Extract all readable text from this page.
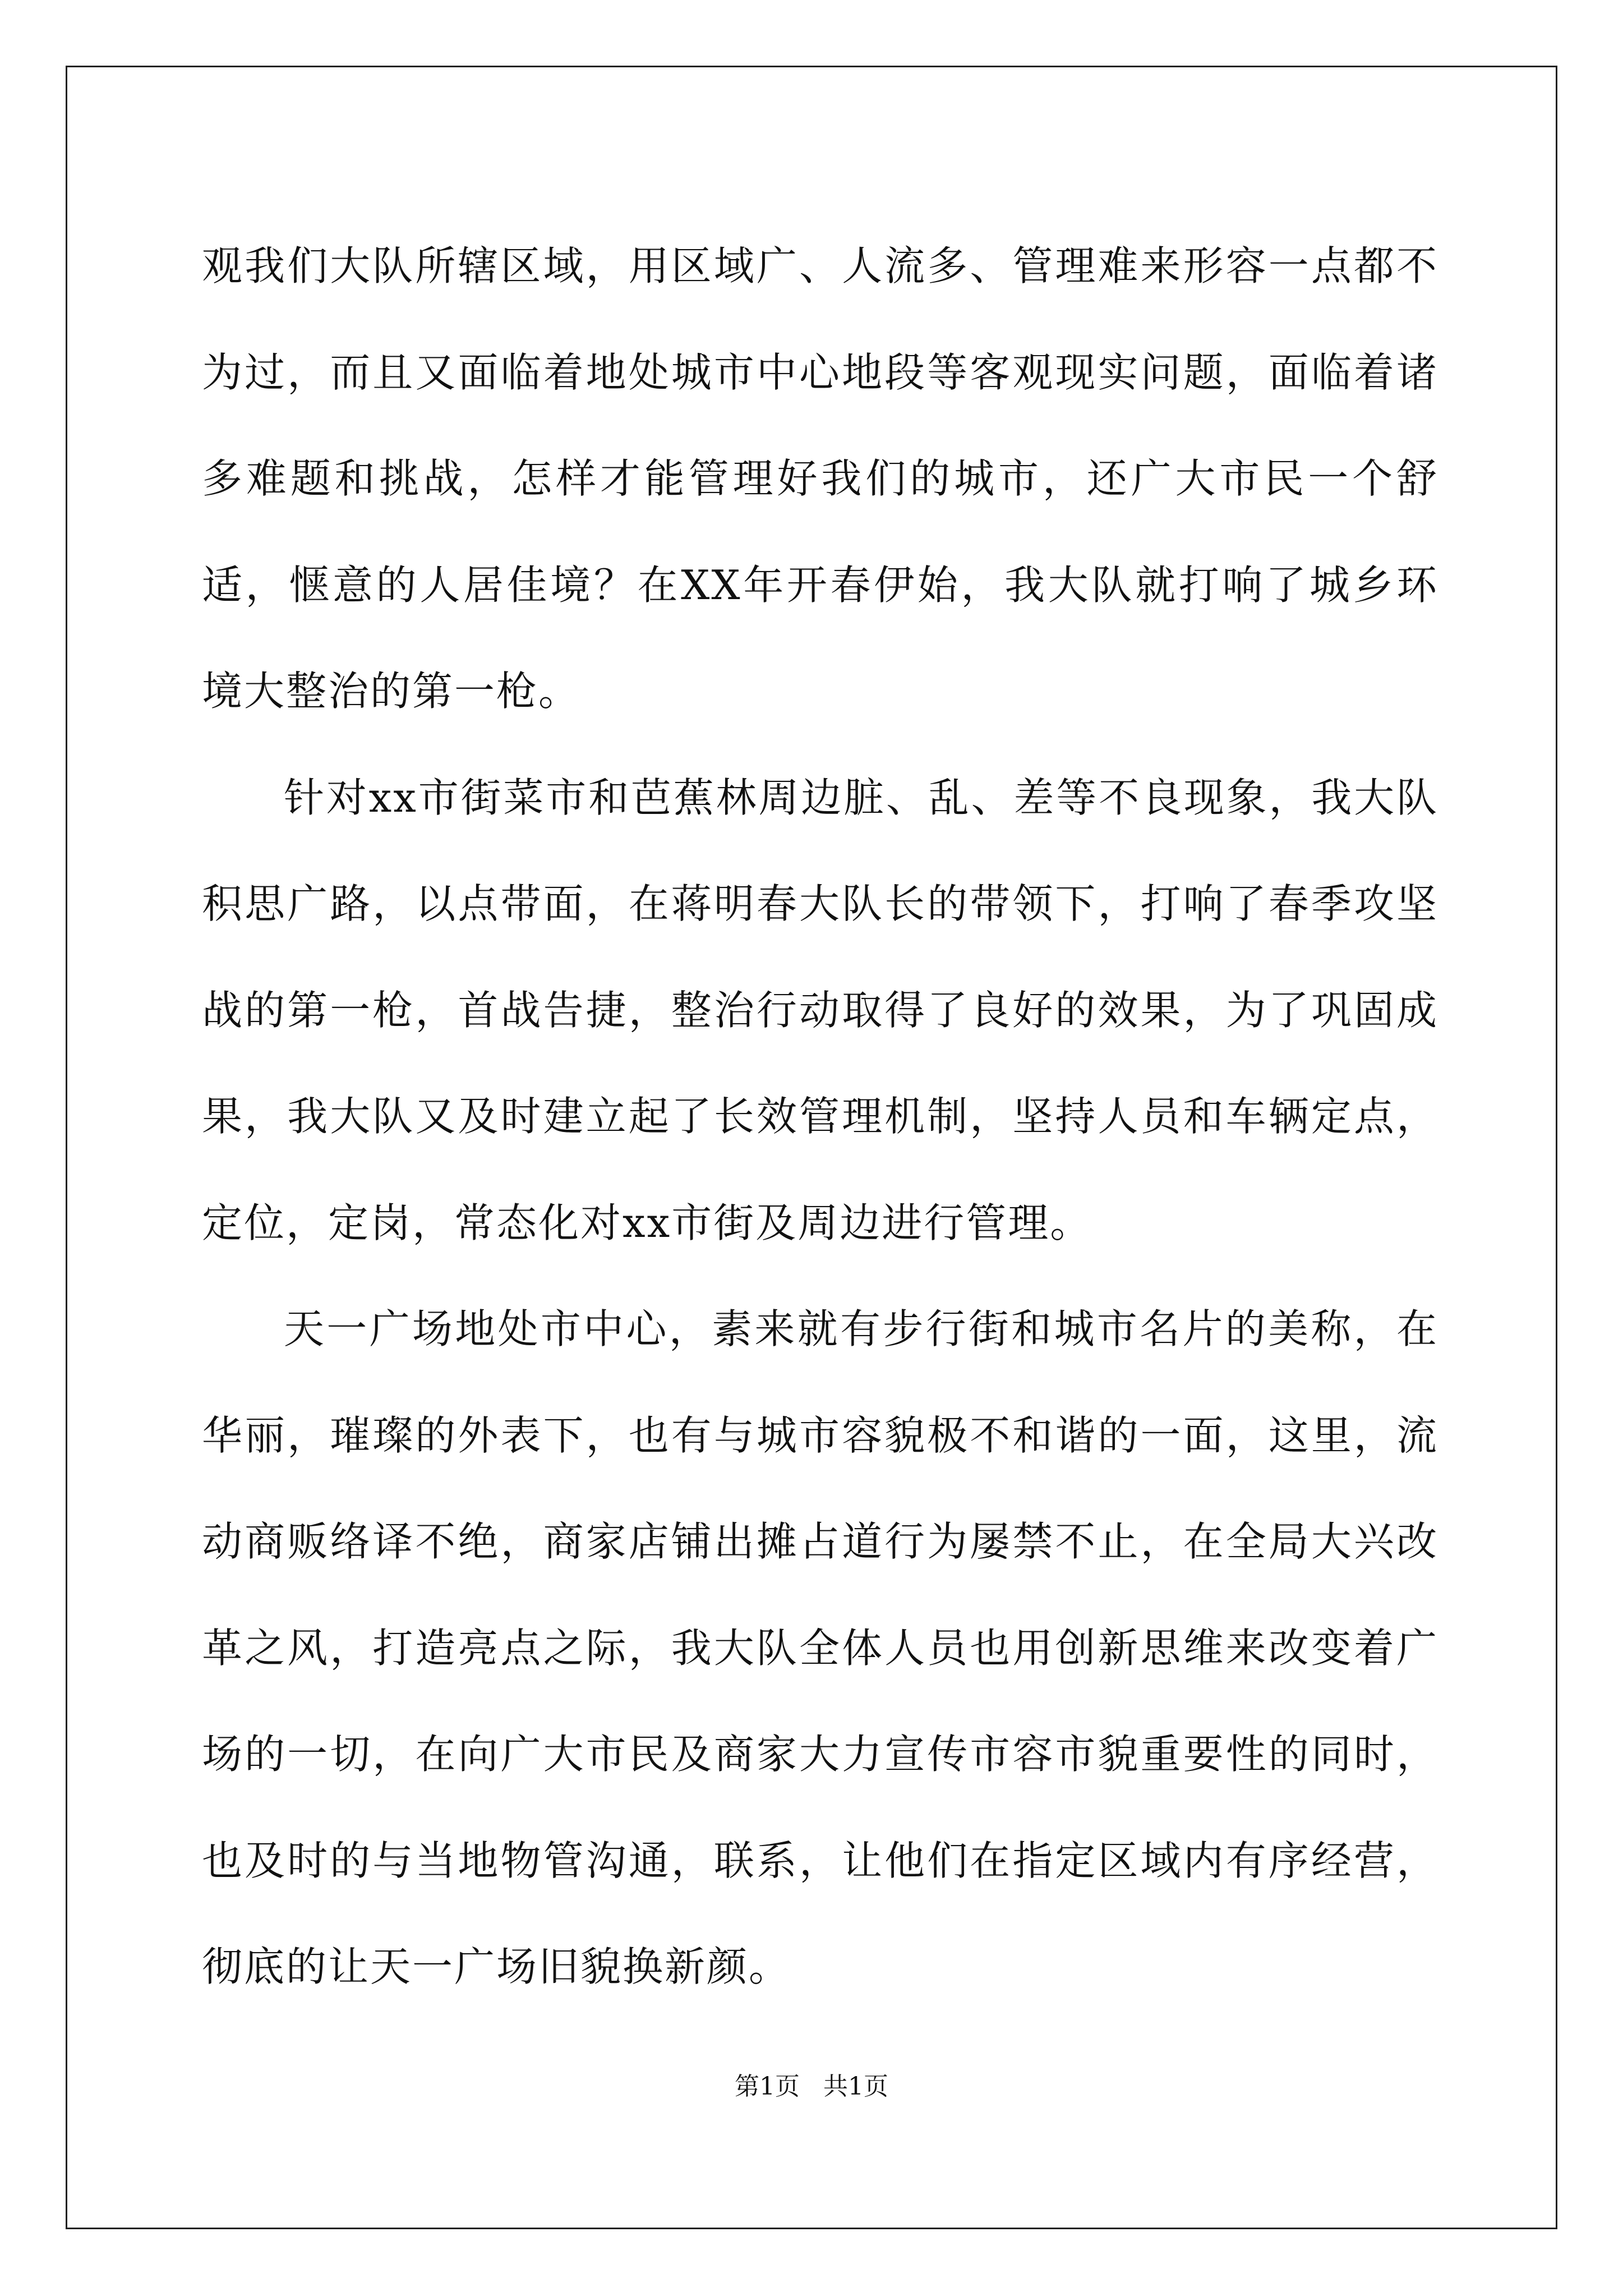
观我们大队所辖区域，用区域广、人流多、管理难来形容一点都不为过，而且又面临着地处城市中心地段等客观现实问题，面临着诸多难题和挑战，怎样才能管理好我们的城市，还广大市民一个舒适，惬意的人居佳境？在XX年开春伊始，我大队就打响了城乡环境大整治的第一枪。

针对xx市街菜市和芭蕉林周边脏、乱、差等不良现象，我大队积思广路，以点带面，在蒋明春大队长的带领下，打响了春季攻坚战的第一枪，首战告捷，整治行动取得了良好的效果，为了巩固成果，我大队又及时建立起了长效管理机制，坚持人员和车辆定点，定位，定岗，常态化对xx市街及周边进行管理。

天一广场地处市中心，素来就有步行街和城市名片的美称，在华丽，璀璨的外表下，也有与城市容貌极不和谐的一面，这里，流动商贩络译不绝，商家店铺出摊占道行为屡禁不止，在全局大兴改革之风，打造亮点之际，我大队全体人员也用创新思维来改变着广场的一切，在向广大市民及商家大力宣传市容市貌重要性的同时，也及时的与当地物管沟通，联系，让他们在指定区域内有序经营，彻底的让天一广场旧貌换新颜。

第1页 共1页
